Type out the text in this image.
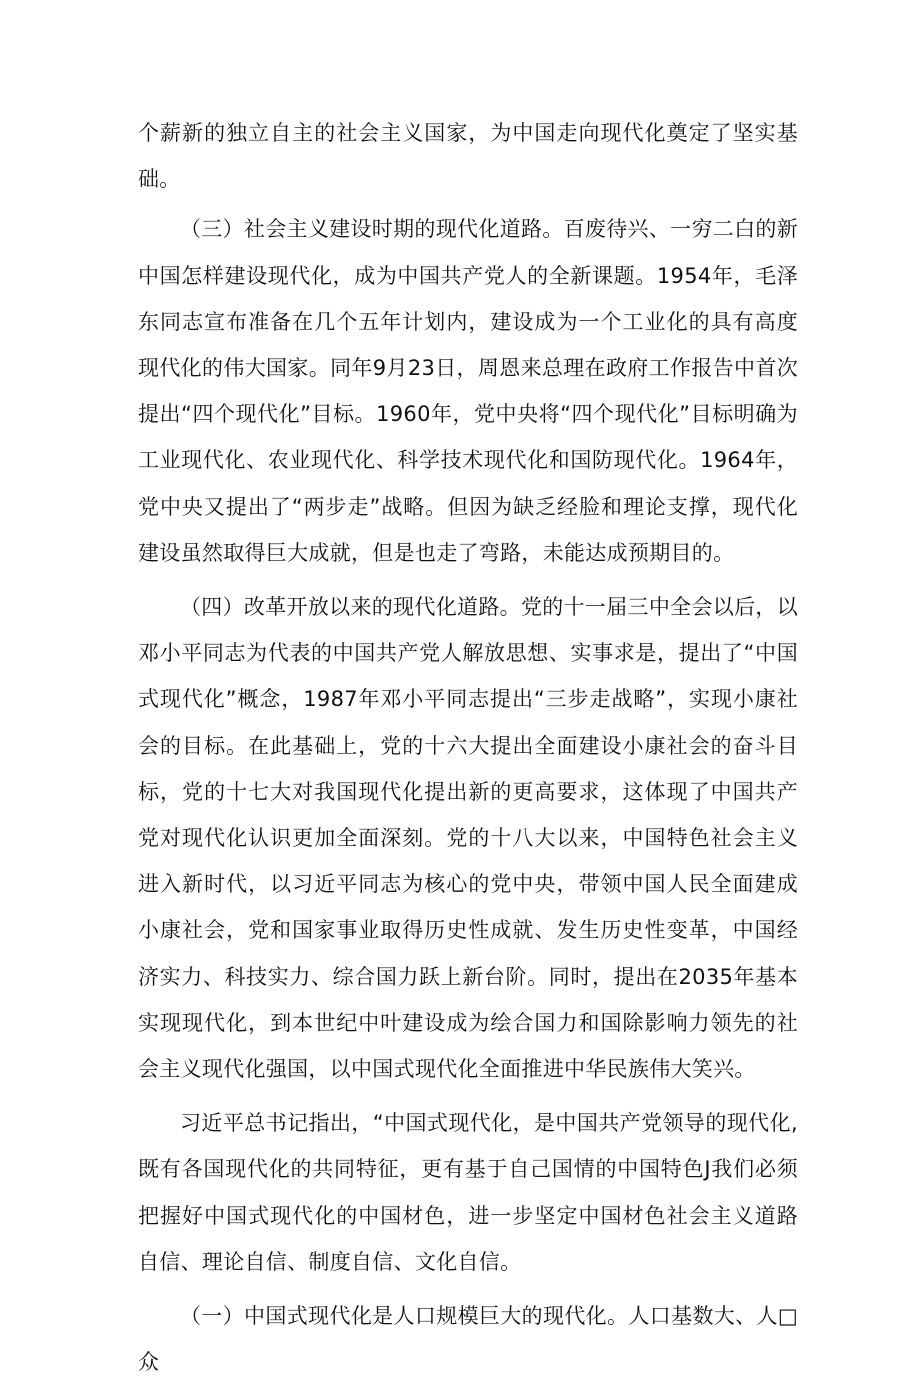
个薪新的独立自主的社会主义国家，为中国走向现代化奠定了坚实基础。

（三）社会主义建设时期的现代化道路。百废待兴、一穷二白的新中国怎样建设现代化，成为中国共产党人的全新课题。1954年，毛泽东同志宣布准备在几个五年计划内，建设成为一个工业化的具有高度现代化的伟大国家。同年9月23日，周恩来总理在政府工作报告中首次提出“四个现代化”目标。1960年，党中央将“四个现代化”目标明确为工业现代化、农业现代化、科学技术现代化和国防现代化。1964年，党中央又提出了“两步走”战略。但因为缺乏经脸和理论支撑，现代化建设虽然取得巨大成就，但是也走了弯路，未能达成预期目的。

（四）改革开放以来的现代化道路。党的十一届三中全会以后，以邓小平同志为代表的中国共产党人解放思想、实事求是，提出了“中国式现代化”概念，1987年邓小平同志提出“三步走战略”，实现小康社会的目标。在此基础上，党的十六大提出全面建设小康社会的奋斗目标，党的十七大对我国现代化提出新的更高要求，这体现了中国共产党对现代化认识更加全面深刻。党的十八大以来，中国特色社会主义进入新时代，以习近平同志为核心的党中央，带领中国人民全面建成小康社会，党和国家事业取得历史性成就、发生历史性变革，中国经济实力、科技实力、综合国力跃上新台阶。同时，提出在2035年基本实现现代化，到本世纪中叶建设成为绘合国力和国除影响力领先的社会主义现代化强国，以中国式现代化全面推进中华民族伟大笑兴。

习近平总书记指出，“中国式现代化，是中国共产党领导的现代化,既有各国现代化的共同特征，更有基于自己国情的中国特色J我们必须把握好中国式现代化的中国材色，进一步坚定中国材色社会主义道路自信、理论自信、制度自信、文化自信。

（一）中国式现代化是人口规模巨大的现代化。人口基数大、人□众
